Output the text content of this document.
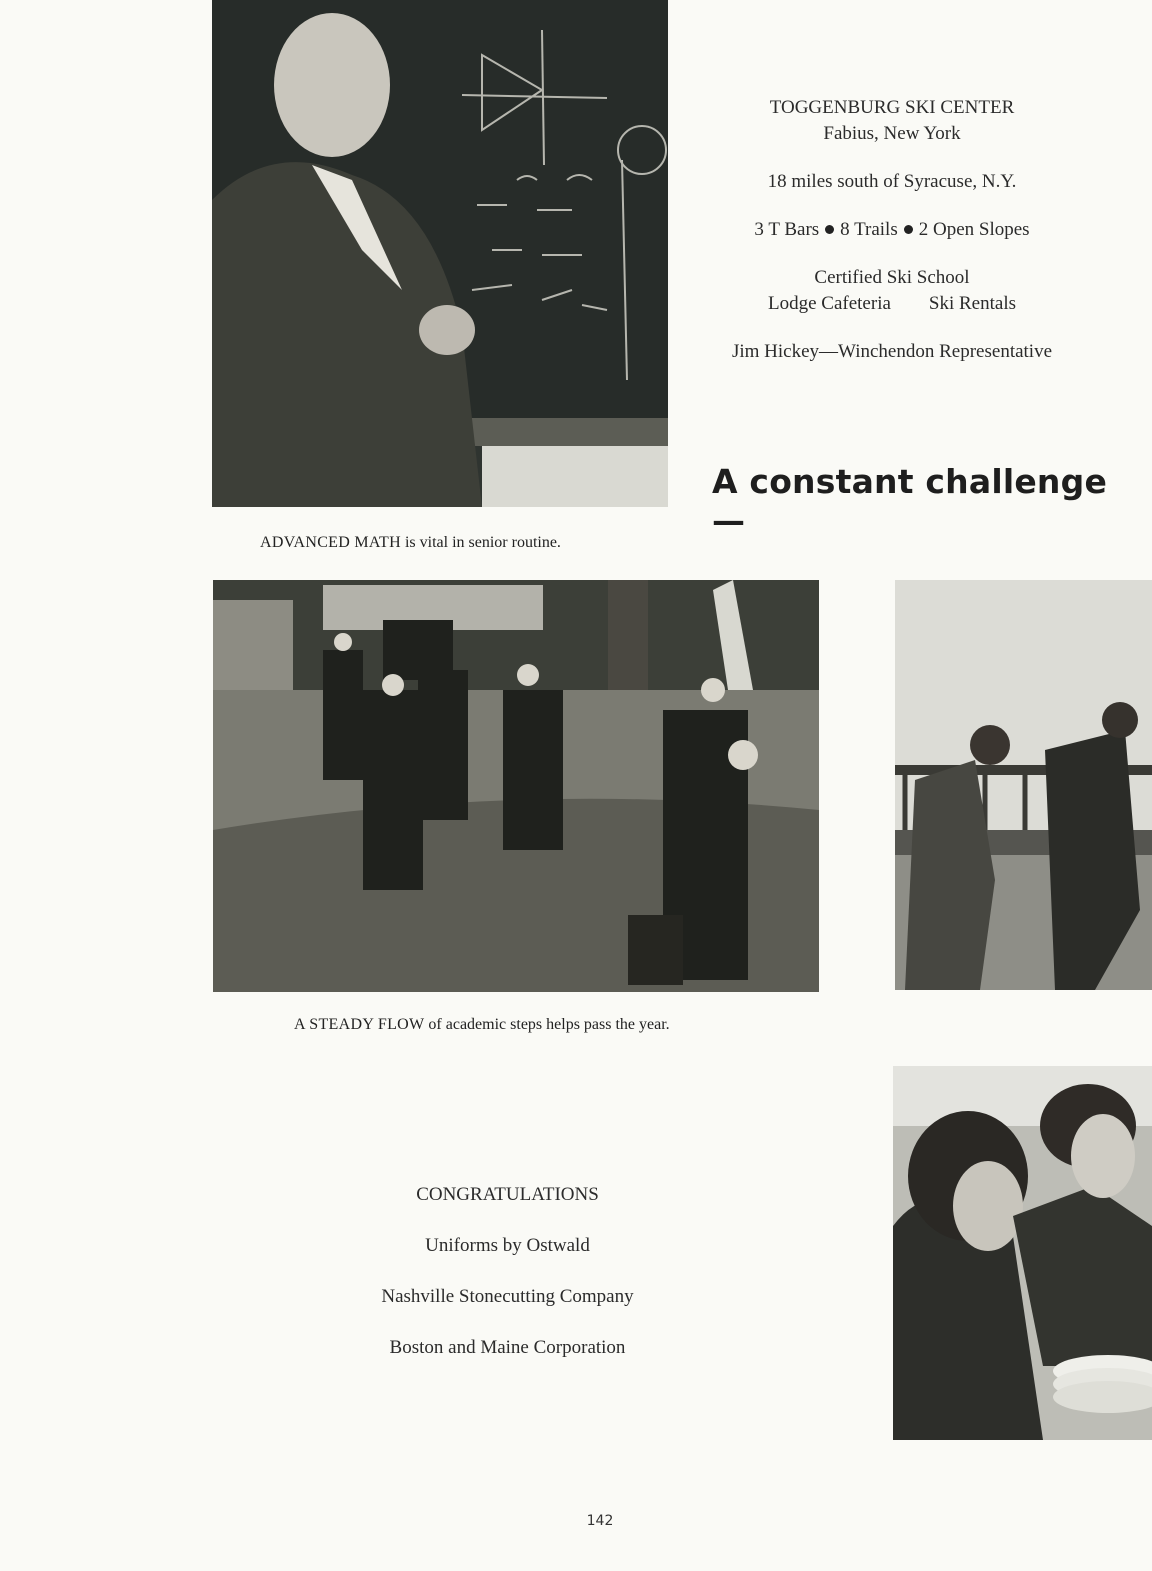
TOGGENBURG SKI CENTER

Fabius, New York

18 miles south of Syracuse, N.Y.

3 T Bars 8 Trails 2 Open Slopes

Certified Ski School

Lodge Cafeteria Ski Rentals

Jim Hickey—Winchendon Representative

A constant challenge—
ADVANCED MATH is vital in senior routine.
A STEADY FLOW of academic steps helps pass the year.

CONGRATULATIONS

Uniforms by Ostwald

Nashville Stonecutting Company

Boston and Maine Corporation

142
